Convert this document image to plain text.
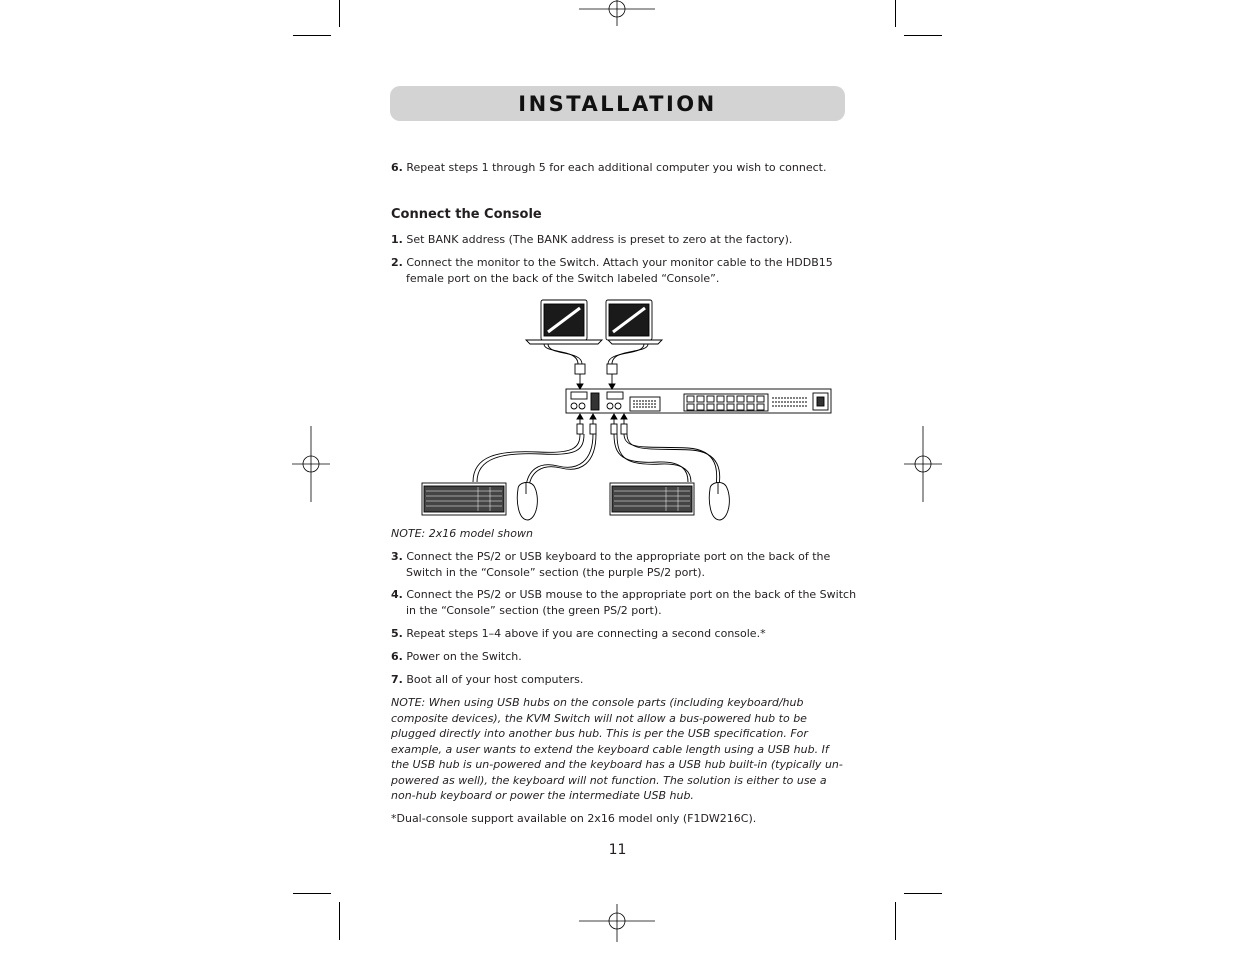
INSTALLATION
6. Repeat steps 1 through 5 for each additional computer you wish to connect.
Connect the Console
1. Set BANK address (The BANK address is preset to zero at the factory).
2. Connect the monitor to the Switch. Attach your monitor cable to the HDDB15 female port on the back of the Switch labeled “Console”.
NOTE: 2x16 model shown
3. Connect the PS/2 or USB keyboard to the appropriate port on the back of the Switch in the “Console” section (the purple PS/2 port).
4. Connect the PS/2 or USB mouse to the appropriate port on the back of the Switch in the “Console” section (the green PS/2 port).
5. Repeat steps 1–4 above if you are connecting a second console.*
6. Power on the Switch.
7. Boot all of your host computers.
NOTE: When using USB hubs on the console parts (including keyboard/hub composite devices), the KVM Switch will not allow a bus-powered hub to be plugged directly into another bus hub. This is per the USB specification. For example, a user wants to extend the keyboard cable length using a USB hub. If the USB hub is un-powered and the keyboard has a USB hub built-in (typically un-powered as well), the keyboard will not function. The solution is either to use a non-hub keyboard or power the intermediate USB hub.
*Dual-console support available on 2x16 model only (F1DW216C).
11
